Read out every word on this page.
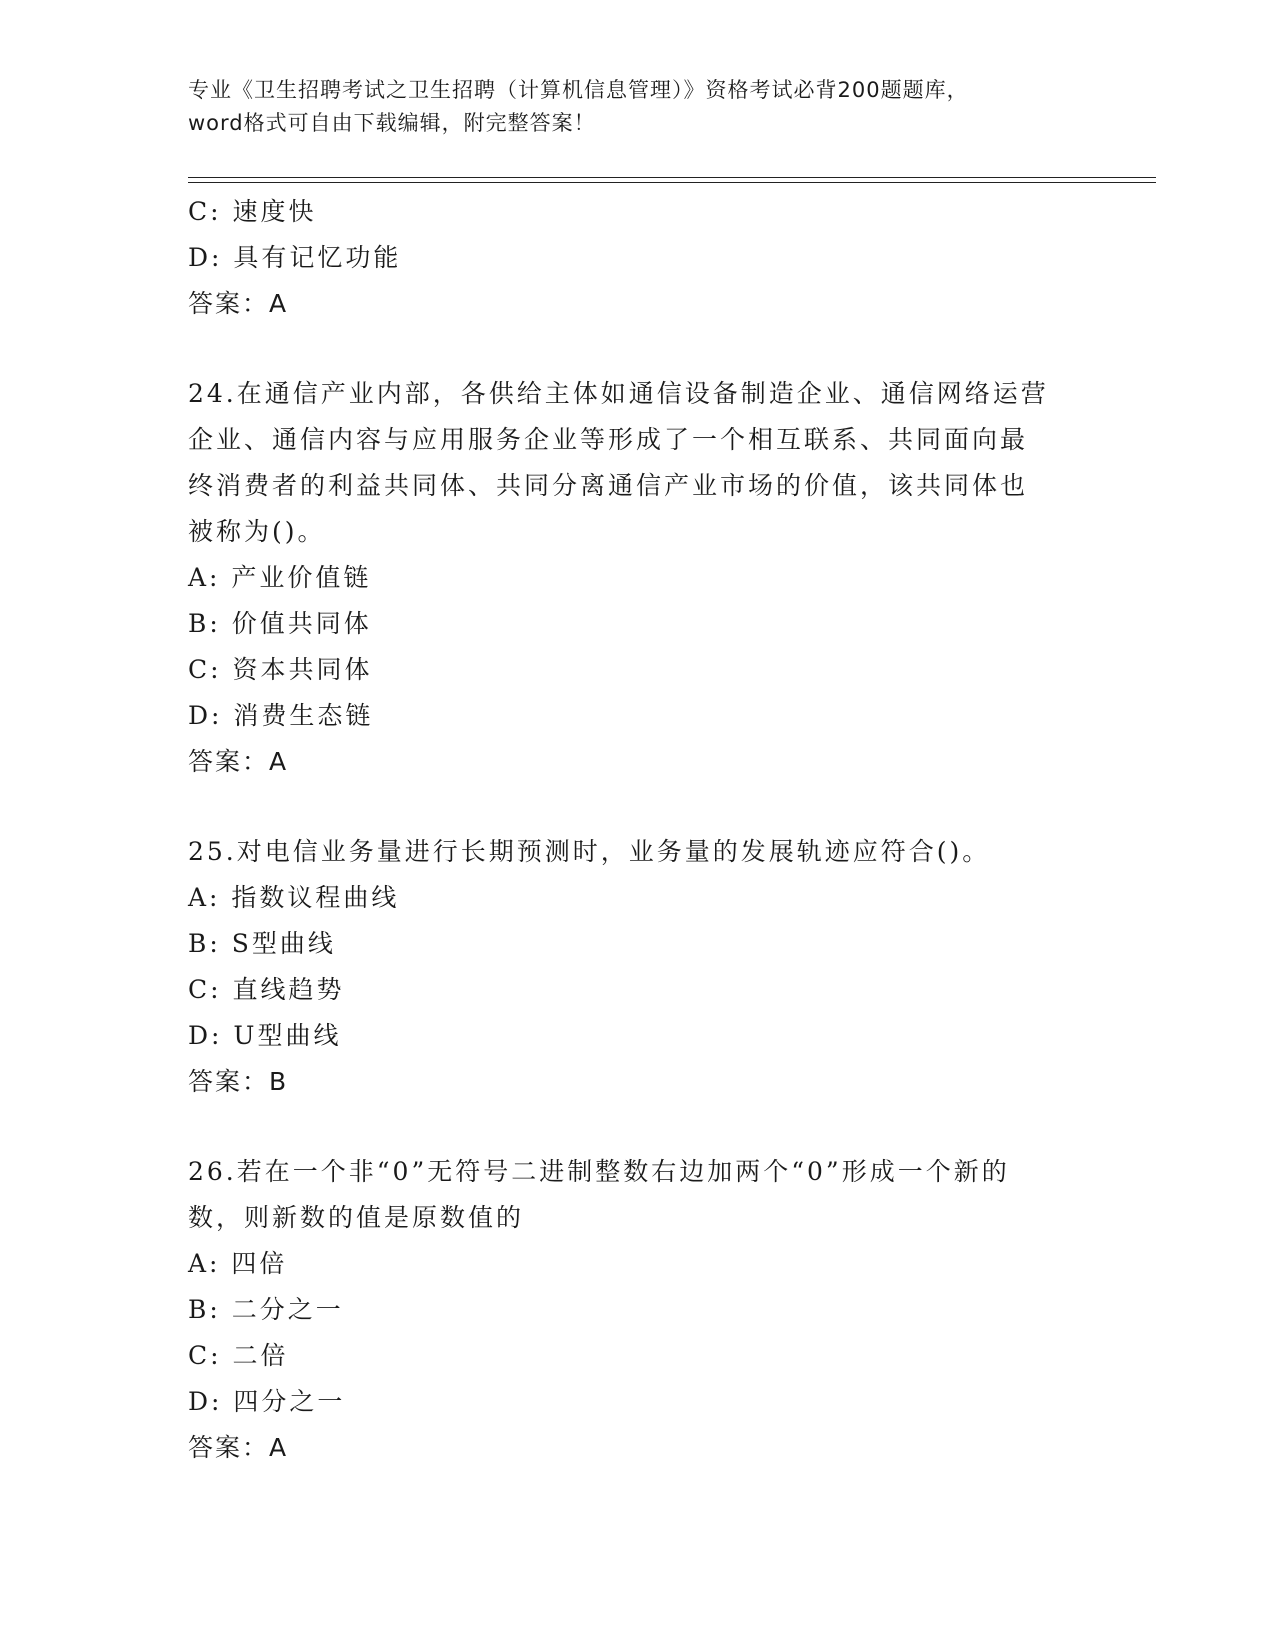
专业《卫生招聘考试之卫生招聘（计算机信息管理）》资格考试必背200题题库，
word格式可自由下载编辑，附完整答案！
C: 速度快
D: 具有记忆功能
答案：A
24.在通信产业内部，各供给主体如通信设备制造企业、通信网络运营
企业、通信内容与应用服务企业等形成了一个相互联系、共同面向最
终消费者的利益共同体、共同分离通信产业市场的价值，该共同体也
被称为()。
A: 产业价值链
B: 价值共同体
C: 资本共同体
D: 消费生态链
答案：A
25.对电信业务量进行长期预测时，业务量的发展轨迹应符合()。
A: 指数议程曲线
B: S型曲线
C: 直线趋势
D: U型曲线
答案：B
26.若在一个非“0”无符号二进制整数右边加两个“0”形成一个新的
数，则新数的值是原数值的
A: 四倍
B: 二分之一
C: 二倍
D: 四分之一
答案：A
